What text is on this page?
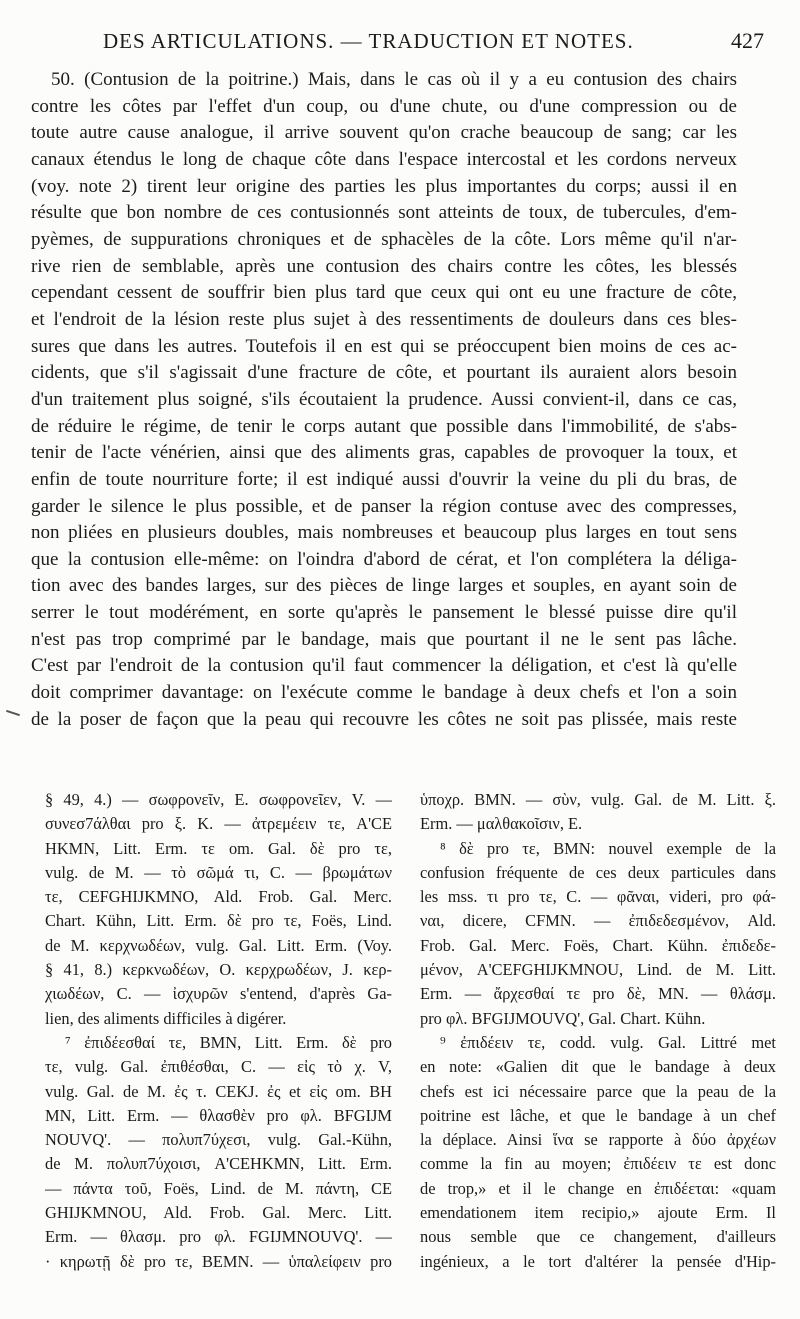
DES ARTICULATIONS. — TRADUCTION ET NOTES.	427
50. (Contusion de la poitrine.) Mais, dans le cas où il y a eu contusion des chairs
contre les côtes par l'effet d'un coup, ou d'une chute, ou d'une compression ou de
toute autre cause analogue, il arrive souvent qu'on crache beaucoup de sang; car les
canaux étendus le long de chaque côte dans l'espace intercostal et les cordons nerveux
(voy. note 2) tirent leur origine des parties les plus importantes du corps; aussi il en
résulte que bon nombre de ces contusionnés sont atteints de toux, de tubercules, d'em-
pyèmes, de suppurations chroniques et de sphacèles de la côte. Lors même qu'il n'ar-
rive rien de semblable, après une contusion des chairs contre les côtes, les blessés
cependant cessent de souffrir bien plus tard que ceux qui ont eu une fracture de côte,
et l'endroit de la lésion reste plus sujet à des ressentiments de douleurs dans ces bles-
sures que dans les autres. Toutefois il en est qui se préoccupent bien moins de ces ac-
cidents, que s'il s'agissait d'une fracture de côte, et pourtant ils auraient alors besoin
d'un traitement plus soigné, s'ils écoutaient la prudence. Aussi convient-il, dans ce cas,
de réduire le régime, de tenir le corps autant que possible dans l'immobilité, de s'abs-
tenir de l'acte vénérien, ainsi que des aliments gras, capables de provoquer la toux, et
enfin de toute nourriture forte; il est indiqué aussi d'ouvrir la veine du pli du bras, de
garder le silence le plus possible, et de panser la région contuse avec des compresses,
non pliées en plusieurs doubles, mais nombreuses et beaucoup plus larges en tout sens
que la contusion elle-même: on l'oindra d'abord de cérat, et l'on complétera la déliga-
tion avec des bandes larges, sur des pièces de linge larges et souples, en ayant soin de
serrer le tout modérément, en sorte qu'après le pansement le blessé puisse dire qu'il
n'est pas trop comprimé par le bandage, mais que pourtant il ne le sent pas lâche.
C'est par l'endroit de la contusion qu'il faut commencer la déligation, et c'est là qu'elle
doit comprimer davantage: on l'exécute comme le bandage à deux chefs et l'on a soin
de la poser de façon que la peau qui recouvre les côtes ne soit pas plissée, mais reste
§ 49, 4.) — σωφρονεῖν, E. σωφρονεῖεν, V. —
συνεσ7άλθαι pro ξ. K. — ἀτρεμέειν τε, A'CE
HKMN, Litt. Erm. τε om. Gal. δὲ pro τε,
vulg. de M. — τὸ σῶμά τι, C. — βρωμάτων
τε, CEFGHIJKMNO, Ald. Frob. Gal. Merc.
Chart. Kühn, Litt. Erm. δὲ pro τε, Foës, Lind.
de M. κερχνωδέων, vulg. Gal. Litt. Erm. (Voy.
§ 41, 8.) κερκνωδέων, O. κερχρωδέων, J. κερ-
χιωδέων, C. — ἰσχυρῶν s'entend, d'après Ga-
lien, des aliments difficiles à digérer.
⁷ ἐπιδέεσθαί τε, BMN, Litt. Erm. δὲ pro
τε, vulg. Gal. ἐπιθέσθαι, C. — εἰς τὸ χ. V,
vulg. Gal. de M. ἐς τ. CEKJ. ἐς et εἰς om. BH
MN, Litt. Erm. — θλασθὲν pro φλ. BFGIJM
NOUVQ'. — πολυπ7ύχεσι, vulg. Gal.-Kühn,
de M. πολυπ7ύχοισι, A'CEHKMN, Litt. Erm.
— πάντα τοῦ, Foës, Lind. de M. πάντη, CE
GHIJKMNOU, Ald. Frob. Gal. Merc. Litt.
Erm. — θλασμ. pro φλ. FGIJMNOUVQ'. —
· κηρωτῇ δὲ pro τε, BEMN. — ὑπαλείφειν pro
ὑποχρ. BMN. — σὺν, vulg. Gal. de M. Litt. ξ.
Erm. — μαλθακοῖσιν, E.
⁸ δὲ pro τε, BMN: nouvel exemple de la
confusion fréquente de ces deux particules dans
les mss. τι pro τε, C. — φᾶναι, videri, pro φά-
ναι, dicere, CFMN. — ἐπιδεδεσμένον, Ald.
Frob. Gal. Merc. Foës, Chart. Kühn. ἐπιδεδε-
μένον, A'CEFGHIJKMNOU, Lind. de M. Litt.
Erm. — ἄρχεσθαί τε pro δὲ, MN. — θλάσμ.
pro φλ. BFGIJMOUVQ', Gal. Chart. Kühn.
⁹ ἐπιδέειν τε, codd. vulg. Gal. Littré met
en note: «Galien dit que le bandage à deux
chefs est ici nécessaire parce que la peau de la
poitrine est lâche, et que le bandage à un chef
la déplace. Ainsi ἵνα se rapporte à δύο ἀρχέων
comme la fin au moyen; ἐπιδέειν τε est donc
de trop,» et il le change en ἐπιδέεται: «quam
emendationem item recipio,» ajoute Erm. Il
nous semble que ce changement, d'ailleurs
ingénieux, a le tort d'altérer la pensée d'Hip-
